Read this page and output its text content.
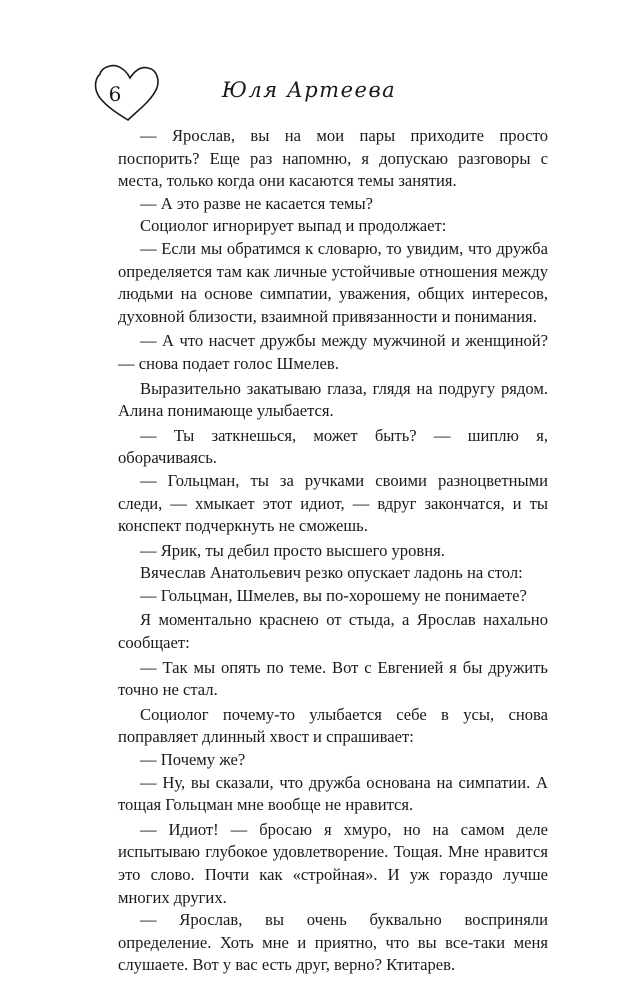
6	Юля Артеева

— Ярослав, вы на мои пары приходите просто поспорить? Еще раз напомню, я допускаю разговоры с места, только когда они касаются темы занятия.

— А это разве не касается темы?

Социолог игнорирует выпад и продолжает:

— Если мы обратимся к словарю, то увидим, что дружба определяется там как личные устойчивые отношения между людьми на основе симпатии, уважения, общих интересов, духовной близости, взаимной привязанности и понимания.

— А что насчет дружбы между мужчиной и женщиной? — снова подает голос Шмелев.

Выразительно закатываю глаза, глядя на подругу рядом. Алина понимающе улыбается.

— Ты заткнешься, может быть? — шиплю я, оборачиваясь.

— Гольцман, ты за ручками своими разноцветными следи, — хмыкает этот идиот, — вдруг закончатся, и ты конспект подчеркнуть не сможешь.

— Ярик, ты дебил просто высшего уровня.

Вячеслав Анатольевич резко опускает ладонь на стол:

— Гольцман, Шмелев, вы по-хорошему не понимаете?

Я моментально краснею от стыда, а Ярослав нахально сообщает:

— Так мы опять по теме. Вот с Евгенией я бы дружить точно не стал.

Социолог почему-то улыбается себе в усы, снова поправляет длинный хвост и спрашивает:

— Почему же?

— Ну, вы сказали, что дружба основана на симпатии. А тощая Гольцман мне вообще не нравится.

— Идиот! — бросаю я хмуро, но на самом деле испытываю глубокое удовлетворение. Тощая. Мне нравится это слово. Почти как «стройная». И уж гораздо лучше многих других.

— Ярослав, вы очень буквально восприняли определение. Хоть мне и приятно, что вы все-таки меня слушаете. Вот у вас есть друг, верно? Ктитарев.
